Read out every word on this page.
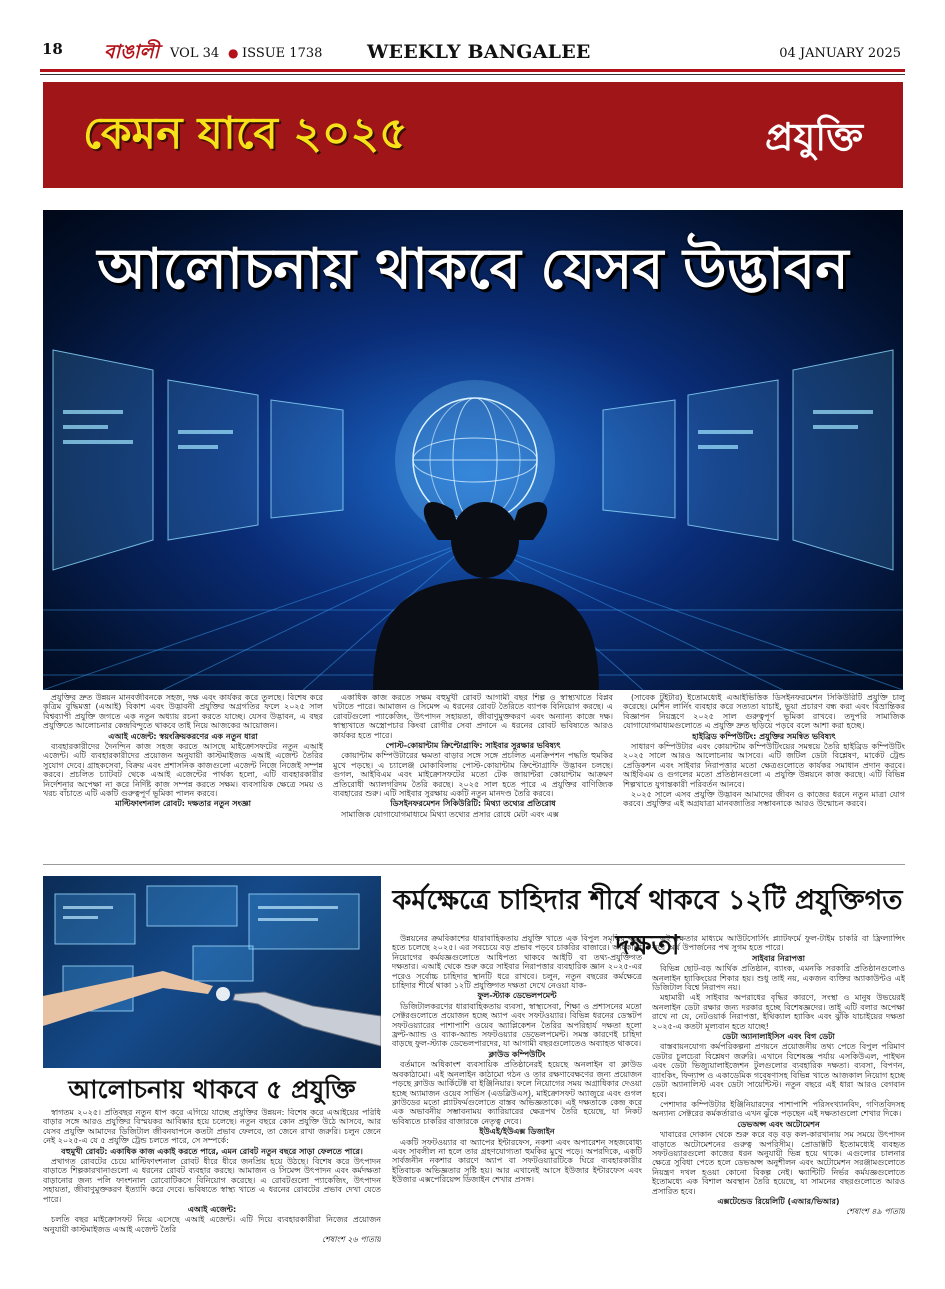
18 বাঙালী VOL 34 ● ISSUE 1738 WEEKLY BANGALEE	04 JANUARY 2025
কেমন যাবে ২০২৫	প্রযুক্তি
আলোচনায় থাকবে যেসব উদ্ভাবন

প্রযুক্তির দ্রুত উন্নয়ন মানবজীবনকে সহজ, দক্ষ এবং কার্যকর করে তুলছে। বিশেষ করে কৃত্রিম বুদ্ধিমত্তা (এআই) বিকাশ এবং উদ্ভাবনী প্রযুক্তির অগ্রগতির ফলে ২০২৫ সাল বিশ্বব্যাপী প্রযুক্তি জগতে এক নতুন অধ্যায় রচনা করতে যাচ্ছে। যেসব উদ্ভাবন, এ বছর প্রযুক্তিতে আলোচনার কেন্দ্রবিন্দুতে থাকবে তাই নিয়ে আজকের আয়োজন।

এআই এজেন্ট: স্বয়ংক্রিয়করণের এক নতুন ধারা

ব্যবহারকারীদের দৈনন্দিন কাজ সহজ করতে আসছে মাইক্রোসফটের নতুন এআই এজেন্ট। এটি ব্যবহারকারীদের প্রয়োজন অনুযায়ী কাস্টমাইজড এআই এজেন্ট তৈরির সুযোগ দেবে। গ্রাহকসেবা, বিক্রয় এবং প্রশাসনিক কাজগুলো এজেন্ট নিজে নিজেই সম্পন্ন করবে। প্রচলিত চ্যাটবট থেকে এআই এজেন্টের পার্থক্য হলো, এটি ব্যবহারকারীর নির্দেশনার অপেক্ষা না করে নির্দিষ্ট কাজ সম্পন্ন করতে সক্ষম। ব্যবসায়িক ক্ষেত্রে সময় ও খরচ বাঁচাতে এটি একটি গুরুত্বপূর্ণ ভূমিকা পালন করবে।

মাল্টিফাংশনাল রোবট: দক্ষতার নতুন সংজ্ঞা

একাধিক কাজ করতে সক্ষম বহুমুখী রোবট আগামী বছর শিল্প ও স্বাস্থ্যখাতে বিপ্লব ঘটাতে পারে। আমাজন ও সিমেন্স এ ধরনের রোবট তৈরিতে ব্যাপক বিনিয়োগ করছে। এ রোবটগুলো প্যাকেজিং, উৎপাদন সহায়তা, জীবাণুমুক্তকরণ এবং অন্যান্য কাজে দক্ষ। স্বাস্থ্যখাতে অস্ত্রোপচার কিংবা রোগীর সেবা প্রদানে এ ধরনের রোবট ভবিষ্যতে আরও কার্যকর হতে পারে।

পোস্ট-কোয়ান্টাম ক্রিপ্টোগ্রাফি: সাইবার সুরক্ষার ভবিষ্যৎ

কোয়ান্টাম কম্পিউটারের ক্ষমতা বাড়ার সঙ্গে সঙ্গে প্রচলিত এনক্রিপশন পদ্ধতি হুমকির মুখে পড়ছে। এ চ্যালেঞ্জ মোকাবিলায় পোস্ট-কোয়ান্টাম ক্রিপ্টোগ্রাফি উদ্ভাবন চলছে। গুগল, আইবিএম এবং মাইক্রোসফটের মতো টেক জায়ান্টরা কোয়ান্টাম আক্রমণ প্রতিরোধী অ্যালগরিদম তৈরি করছে। ২০২৫ সাল হতে পারে এ প্রযুক্তির বাণিজ্যিক ব্যবহারের শুরু। এটি সাইবার সুরক্ষায় একটি নতুন মানদণ্ড তৈরি করবে।

ডিসইনফরমেশন সিকিউরিটি: মিথ্যা তথ্যের প্রতিরোধ

সামাজিক যোগাযোগমাধ্যমে মিথ্যা তথ্যের প্রসার রোধে মেটা এবং এক্স

(সাবেক টুইটার) ইতোমধ্যেই এআইভিত্তিক ডিসইনফরমেশন সিকিউরিটি প্রযুক্তি চালু করেছে। মেশিন লার্নিং ব্যবহার করে সত্যতা যাচাই, ভুয়া প্রচারণ বন্ধ করা এবং বিভ্রান্তিকর বিজ্ঞাপন নিয়ন্ত্রণে ২০২৫ সাল গুরুত্বপূর্ণ ভূমিকা রাখবে। তদুপরি সামাজিক যোগাযোগমাধ্যমগুলোতে এ প্রযুক্তি দ্রুত ছড়িয়ে পড়বে বলে আশা করা হচ্ছে।

হাইব্রিড কম্পিউটিং: প্রযুক্তির সমন্বিত ভবিষ্যৎ

সাধারণ কম্পিউটার এবং কোয়ান্টাম কম্পিউটিংয়ের সমন্বয়ে তৈরি হাইব্রিড কম্পিউটিং ২০২৫ সালে আরও আলোচনায় আসবে। এটি জটিল ডেটা বিশ্লেষণ, মার্কেট ট্রেন্ড প্রেডিকশন এবং সাইবার নিরাপত্তার মতো ক্ষেত্রগুলোতে কার্যকর সমাধান প্রদান করবে। আইবিএম ও গুগলের মতো প্রতিষ্ঠানগুলো এ প্রযুক্তি উন্নয়নে কাজ করছে। এটি বিভিন্ন শিল্পখাতে যুগান্তকারী পরিবর্তন আনবে।

২০২৫ সালে এসব প্রযুক্তি উদ্ভাবন আমাদের জীবন ও কাজের ধরনে নতুন মাত্রা যোগ করবে। প্রযুক্তির এই অগ্রযাত্রা মানবজাতির সম্ভাবনাকে আরও উন্মোচন করবে।

আলোচনায় থাকবে ৫ প্রযুক্তি

স্বাগতম ২০২৫। প্রতিবছর নতুন ধাপ করে এগিয়ে যাচ্ছে প্রযুক্তির উন্নয়ন: বিশেষ করে এআইয়ের পরিধি বাড়ার সঙ্গে আরও প্রযুক্তির বিস্ময়কর আবিষ্কার হয়ে চলেছে। নতুন বছরে কোন প্রযুক্তি উঠে আসবে, আর যেসব প্রযুক্তি আমাদের ডিজিটাল জীবনযাপনে কতটা প্রভাব ফেলবে, তা জেনে রাখা জরুরি। চলুন জেনে নেই ২০২৫-এ যে ৫ প্রযুক্তি ট্রেন্ড চলতে পারে, সে সম্পর্কে:

বহুমুখী রোবট: একাধিক কাজ একাই করতে পারে, এমন রোবট নতুন বছরে সাড়া ফেলতে পারে।

প্রথাগত রোবটের চেয়ে মাল্টিফাংশনাল রোবট ধীরে ধীরে জনপ্রিয় হয়ে উঠছে। বিশেষ করে উৎপাদন বাড়াতে শিল্পকারখানাগুলো এ ধরনের রোবট ব্যবহার করছে। আমাজন ও সিমেন্স উৎপাদন এবং কর্মদক্ষতা বাড়ানোর জন্য পলি ফাংশনাল রোবোটিকসে বিনিয়োগ করেছে। এ রোবটগুলো প্যাকেজিং, উৎপাদন সহায়তা, জীবাণুমুক্তকরণ ইত্যাদি করে দেবে। ভবিষ্যতে স্বাস্থ্য খাতে এ ধরনের রোবটের প্রভাব দেখা যেতে পারে।

এআই এজেন্ট:

চলতি বছর মাইক্রোসফট নিয়ে এসেছে এআই এজেন্ট। এটি দিয়ে ব্যবহারকারীরা নিজের প্রয়োজন অনুযায়ী কাস্টমাইজড এআই এজেন্ট তৈরি

শেষাংশ ২৬ পাতায়
কর্মক্ষেত্রে চাহিদার শীর্ষে থাকবে ১২টি প্রযুক্তিগত দক্ষতা

উন্নয়নের ক্রমবিকাশের ধারাবাহিকতায় প্রযুক্তি খাতে এক বিপুল সমৃদ্ধির বছর হতে চলেছে ২০২৫। এর সবচেয়ে বড় প্রভাব পড়বে চাকরির বাজারে। অধিকাংশ নিয়োগের কর্মযজ্ঞগুলোতে আধিপত্য থাকবে আইটি বা তথ্য-প্রযুক্তিগত দক্ষতার। এআই থেকে শুরু করে সাইবার নিরাপত্তার ব্যবহারিক জ্ঞান ২০২৫-এর পরেও সর্বোচ্চ চাহিদার স্থানটি ধরে রাখবে। চলুন, নতুন বছরের কর্মক্ষেত্রে চাহিদার শীর্ষে থাকা ১২টি প্রযুক্তিগত দক্ষতা দেখে নেওয়া যাক-

ফুল-স্ট্যাক ডেভেলপমেন্ট

ডিজিটালকরণের ধারাবাহিকতায় ব্যবসা, স্বাস্থ্যসেবা, শিক্ষা ও প্রশাসনের মতো সেক্টরগুলোতে প্রয়োজন হচ্ছে অ্যাপ এবং সফটওয়্যার। বিভিন্ন ধরনের ডেস্কটপ সফটওয়্যারের পাশাপাশি ওয়েব অ্যাপ্লিকেশন তৈরির অপরিহার্য দক্ষতা হলো ফ্রন্ট-অ্যান্ড ও ব্যাক-অ্যান্ড সফটওয়্যার ডেভেলপমেন্ট। সমস্ত কারণেই চাহিদা বাড়ছে ফুল-স্ট্যাক ডেভেলপারদের, যা আগামী বছরগুলোতেও অব্যাহত থাকবে।

ক্লাউড কম্পিউটিং

বর্তমানে অধিকাংশ ব্যবসায়িক প্রতিষ্ঠানেরই হয়েছে অনলাইন বা ক্লাউড অবকাঠামো। এই অনলাইন কাঠামো গঠন ও তার রক্ষণাবেক্ষণের জন্য প্রয়োজন পড়ছে ক্লাউড আর্কিটেক্ট বা ইঞ্জিনিয়ার। ফলে নিয়োগের সময় অগ্রাধিকার দেওয়া হচ্ছে অ্যামাজন ওয়েব সার্ভিস (এডব্লিউএস), মাইক্রোসফট অ্যাজুরে এবং গুগল ক্লাউডের মতো প্ল্যাটফর্মগুলোতে বাস্তব অভিজ্ঞতাকে। এই দক্ষতাকে কেন্দ্র করে এক অভাবনীয় সম্ভাবনাময় ক্যারিয়ারের ক্ষেত্রপথ তৈরি হয়েছে, যা নিকট ভবিষ্যতে চাকরির বাজারকে নেতৃত্ব দেবে।

ইউএই/ইউএক্স ডিজাইন

একটি সফটওয়্যার বা অ্যাপের ইন্টারফেস, নকশা এবং অপারেশন সহজবোধ্য এবং সাবলীল না হলে তার গ্রহণযোগ্যতা হুমকির মুখে পড়ে। অপরদিকে, একটি সার্বজনীন নকশার কারণে অ্যাপ বা সফটওয়্যারটিকে ঘিরে ব্যবহারকারীর ইতিবাচক অভিজ্ঞতার সৃষ্টি হয়। আর এখানেই আসে ইউজার ইন্টারফেস এবং ইউজার এক্সপেরিয়েন্স ডিজাইন শেখার প্রসঙ্গ।

এই দক্ষতার মাধ্যমে আউটসোর্সিং প্ল্যাটফর্মে ফুল-টাইম চাকরি বা ফ্রিল্যান্সিং করে অর্থ উপার্জনের পথ সুগম হতে পারে।

সাইবার নিরাপত্তা

বিভিন্ন ছোট-বড় আর্থিক প্রতিষ্ঠান, ব্যাংক, এমনকি সরকারি প্রতিষ্ঠানগুলোও অনলাইন হ্যাকিংয়ের শিকার হয়। শুধু তাই নয়, একজন ব্যক্তির অ্যাকাউন্টও এই ডিজিটাল বিশ্বে নিরাপদ নয়।

মহামারী এই সাইবার অপরাধের বৃদ্ধির কারণে, সংস্থা ও মানুষ উভয়েরই অনলাইন ডেটা রক্ষার জন্য দরকার হচ্ছে বিশেষজ্ঞদের। তাই এটি বলার অপেক্ষা রাখে না যে, নেটওয়ার্ক নিরাপত্তা, ইথিক্যাল হ্যাকিং এবং ঝুঁকি যাচাইয়ের দক্ষতা ২০২৫-এ কতটা মূল্যবান হতে যাচ্ছে!

ডেটা অ্যানালাইসিস এবং বিগ ডেটা

বাস্তবায়নযোগ্য কর্মপরিকল্পনা প্রণয়নে প্রয়োজনীয় তথ্য পেতে বিপুল পরিমাণ ডেটার চুলচেরা বিশ্লেষণ জরুরি। এখানে বিশেষজ্ঞ পর্যায় এসকিউএল, পাইথন এবং ডেটা ভিজ্যুয়ালাইজেশন টুলগুলোর ব্যবহারিক দক্ষতা। ব্যবসা, বিপণন, ব্যাংকিং, ফিন্যান্স ও একাডেমিক গবেষণাসহ বিভিন্ন খাতে আজকাল নিয়োগ হচ্ছে ডেটা অ্যানালিস্ট এবং ডেটা সায়েন্টিস্ট। নতুন বছরে এই ধারা আরও বেগবান হবে।

পেশাদার কম্পিউটার ইঞ্জিনিয়ারদের পাশাপাশি পরিসংখ্যানবিদ, গণিতবিদসহ অন্যান্য সেক্টরের কর্মকর্তারাও এখন ঝুঁকে পড়ছেন এই দক্ষতাগুলো শেখার দিকে।

ডেভঅপ্স এবং অটোমেশন

খাবারের দোকান থেকে শুরু করে বড় বড় কল-কারখানায় সম সময়ে উৎপাদন বাড়াতে অটোমেশনের গুরুত্ব অপরিসীম। প্রোডাক্টটি ইতোমধ্যেই ব্যবহৃত সফটওয়্যারগুলো কাজের ধরন অনুযায়ী ভিন্ন হয়ে থাকে। এগুলোর চালনার ক্ষেত্রে সুবিধা পেতে হলে ডেভঅপ্স অনুশীলন এবং অটোমেশন সরঞ্জামগুলোতে নিয়ন্ত্রণ দখল হওয়া কোনো বিকল্প নেই। ক্ষ্যান্টিটি নির্ভর কর্মযজ্ঞগুলোতে ইতোমধ্যে এক বিশাল অবস্থান তৈরি হয়েছে, যা সামনের বছরগুলোতে আরও প্রসারিত হবে।

এক্সটেন্ডেড রিয়েলিটি (এআর/ভিআর)
শেষাংশ ৪৯ পাতায়
